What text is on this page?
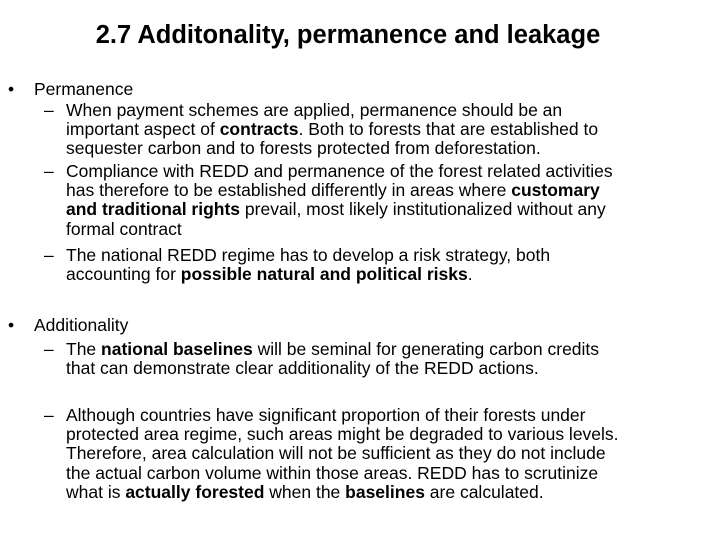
2.7 Additonality, permanence and leakage
• Permanence
– When payment schemes are applied, permanence should be an
important aspect of contracts. Both to forests that are established to
sequester carbon and to forests protected from deforestation.
– Compliance with REDD and permanence of the forest related activities
has therefore to be established differently in areas where customary
and traditional rights prevail, most likely institutionalized without any
formal contract
– The national REDD regime has to develop a risk strategy, both
accounting for possible natural and political risks.
• Additionality
– The national baselines will be seminal for generating carbon credits
that can demonstrate clear additionality of the REDD actions.
– Although countries have significant proportion of their forests under
protected area regime, such areas might be degraded to various levels.
Therefore, area calculation will not be sufficient as they do not include
the actual carbon volume within those areas. REDD has to scrutinize
what is actually forested when the baselines are calculated.
